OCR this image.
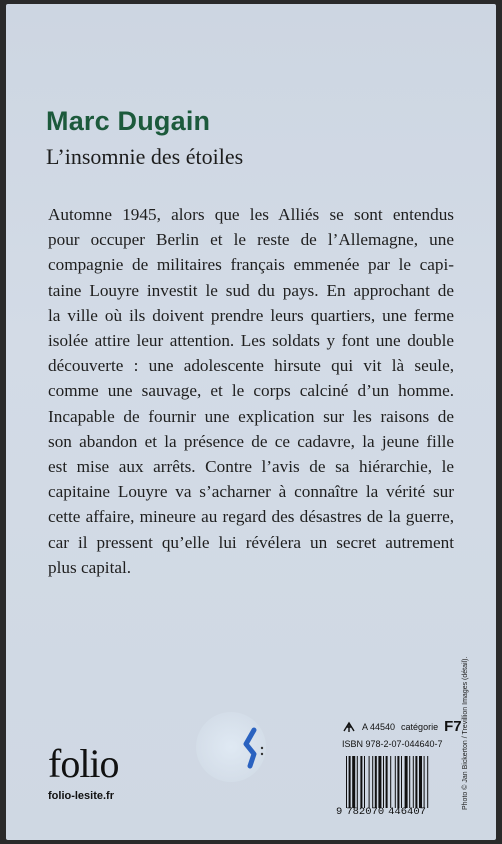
Marc Dugain
L’insomnie des étoiles

Automne 1945, alors que les Alliés se sont entendus
pour occuper Berlin et le reste de l’Allemagne, une
compagnie de militaires français emmenée par le capi-
taine Louyre investit le sud du pays. En approchant de
la ville où ils doivent prendre leurs quartiers, une ferme
isolée attire leur attention. Les soldats y font une double
découverte : une adolescente hirsute qui vit là seule,
comme une sauvage, et le corps calciné d’un homme.
Incapable de fournir une explication sur les raisons de
son abandon et la présence de ce cadavre, la jeune fille
est mise aux arrêts. Contre l’avis de sa hiérarchie, le
capitaine Louyre va s’acharner à connaître la vérité sur
cette affaire, mineure au regard des désastres de la guerre,
car il pressent qu’elle lui révélera un secret autrement
plus capital.

folio
folio-lesite.fr
A 44540 catégorie F7
ISBN 978-2-07-044640-7
9 782070 446407
Photo © Jan Bickerton / Trevillion Images (détail).
